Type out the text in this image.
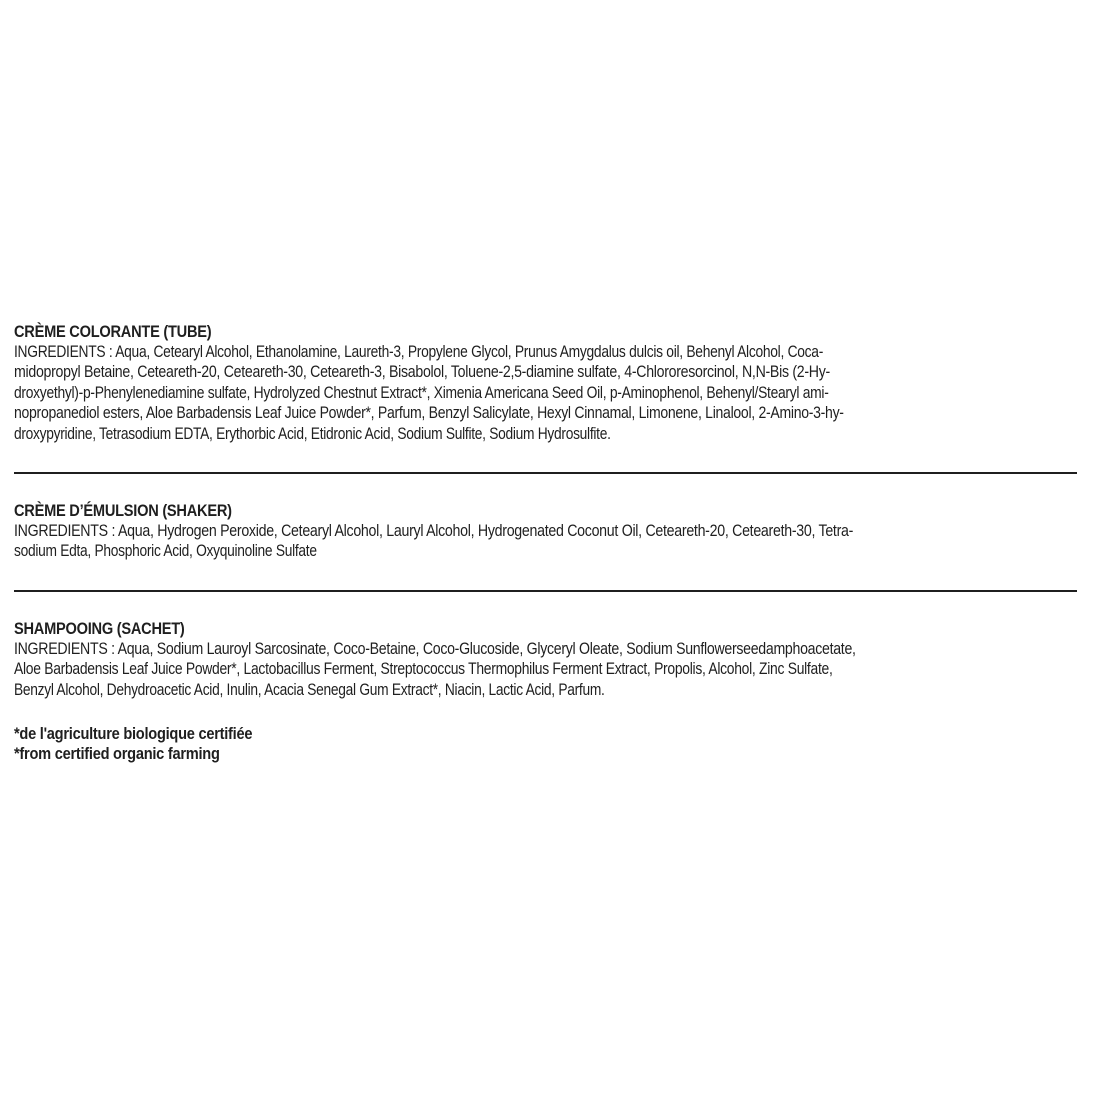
CRÈME COLORANTE (TUBE)
INGREDIENTS : Aqua, Cetearyl Alcohol, Ethanolamine, Laureth-3, Propylene Glycol, Prunus Amygdalus dulcis oil, Behenyl Alcohol, Coca-
midopropyl Betaine, Ceteareth-20, Ceteareth-30, Ceteareth-3, Bisabolol, Toluene-2,5-diamine sulfate, 4-Chlororesorcinol, N,N-Bis (2-Hy-
droxyethyl)-p-Phenylenediamine sulfate, Hydrolyzed Chestnut Extract*, Ximenia Americana Seed Oil, p-Aminophenol, Behenyl/Stearyl ami-
nopropanediol esters, Aloe Barbadensis Leaf Juice Powder*, Parfum, Benzyl Salicylate, Hexyl Cinnamal, Limonene, Linalool, 2-Amino-3-hy-
droxypyridine, Tetrasodium EDTA, Erythorbic Acid, Etidronic Acid, Sodium Sulfite, Sodium Hydrosulfite.
CRÈME D’ÉMULSION (SHAKER)
INGREDIENTS : Aqua, Hydrogen Peroxide, Cetearyl Alcohol, Lauryl Alcohol, Hydrogenated Coconut Oil, Ceteareth-20, Ceteareth-30, Tetra-
sodium Edta, Phosphoric Acid, Oxyquinoline Sulfate
SHAMPOOING (SACHET)
INGREDIENTS : Aqua, Sodium Lauroyl Sarcosinate, Coco-Betaine, Coco-Glucoside, Glyceryl Oleate, Sodium Sunflowerseedamphoacetate,
Aloe Barbadensis Leaf Juice Powder*, Lactobacillus Ferment, Streptococcus Thermophilus Ferment Extract, Propolis, Alcohol, Zinc Sulfate,
Benzyl Alcohol, Dehydroacetic Acid, Inulin, Acacia Senegal Gum Extract*, Niacin, Lactic Acid, Parfum.
*de l'agriculture biologique certifiée
*from certified organic farming
